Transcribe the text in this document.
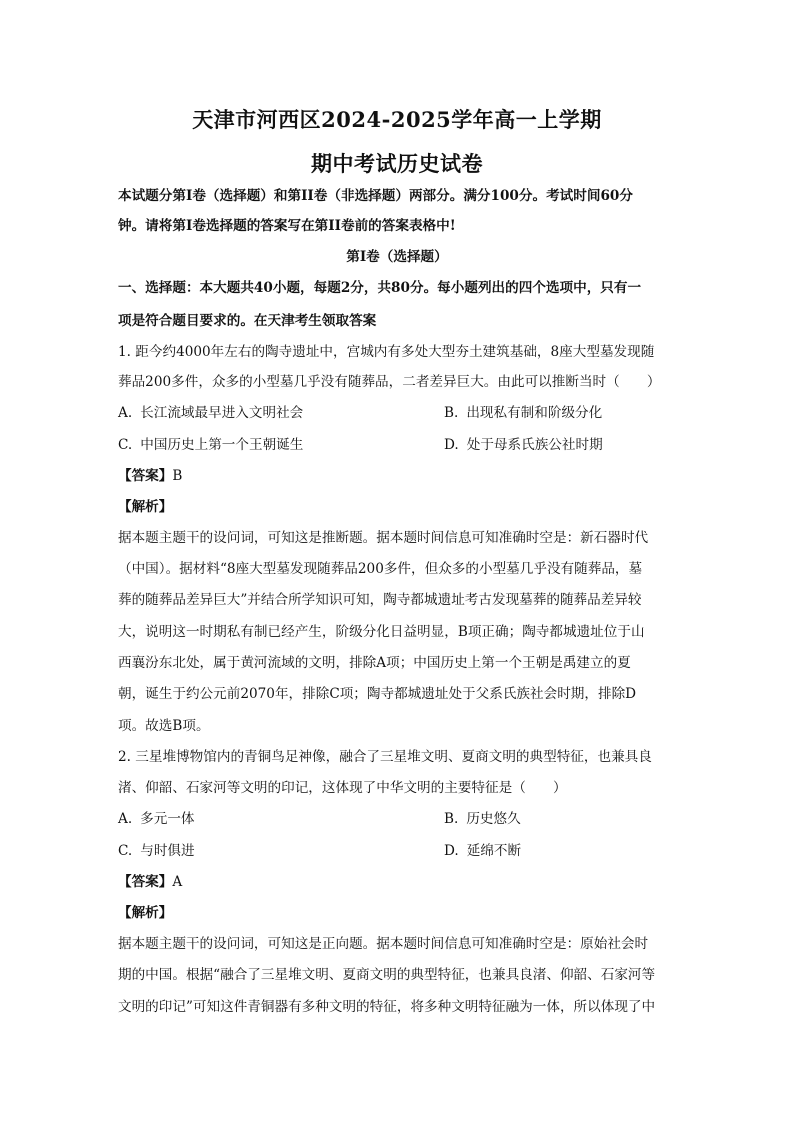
天津市河西区2024-2025学年高一上学期
期中考试历史试卷
本试题分第I卷（选择题）和第II卷（非选择题）两部分。满分100分。考试时间60分
钟。请将第I卷选择题的答案写在第II卷前的答案表格中!
第I卷（选择题）
一、选择题：本大题共40小题，每题2分，共80分。每小题列出的四个选项中，只有一
项是符合题目要求的。在天津考生领取答案
1. 距今约4000年左右的陶寺遗址中，宫城内有多处大型夯土建筑基础，8座大型墓发现随
葬品200多件，众多的小型墓几乎没有随葬品，二者差异巨大。由此可以推断当时（　　）
A. 长江流域最早进入文明社会	B. 出现私有制和阶级分化
C. 中国历史上第一个王朝诞生	D. 处于母系氏族公社时期
【答案】B
【解析】
据本题主题干的设问词，可知这是推断题。据本题时间信息可知准确时空是：新石器时代
（中国）。据材料“8座大型墓发现随葬品200多件，但众多的小型墓几乎没有随葬品，墓
葬的随葬品差异巨大”并结合所学知识可知，陶寺都城遗址考古发现墓葬的随葬品差异较
大，说明这一时期私有制已经产生，阶级分化日益明显，B项正确；陶寺都城遗址位于山
西襄汾东北处，属于黄河流域的文明，排除A项；中国历史上第一个王朝是禹建立的夏
朝，诞生于约公元前2070年，排除C项；陶寺都城遗址处于父系氏族社会时期，排除D
项。故选B项。
2. 三星堆博物馆内的青铜鸟足神像，融合了三星堆文明、夏商文明的典型特征，也兼具良
渚、仰韶、石家河等文明的印记，这体现了中华文明的主要特征是（　　）
A. 多元一体	B. 历史悠久
C. 与时俱进	D. 延绵不断
【答案】A
【解析】
据本题主题干的设问词，可知这是正向题。据本题时间信息可知准确时空是：原始社会时
期的中国。根据“融合了三星堆文明、夏商文明的典型特征，也兼具良渚、仰韶、石家河等
文明的印记”可知这件青铜器有多种文明的特征，将多种文明特征融为一体，所以体现了中
